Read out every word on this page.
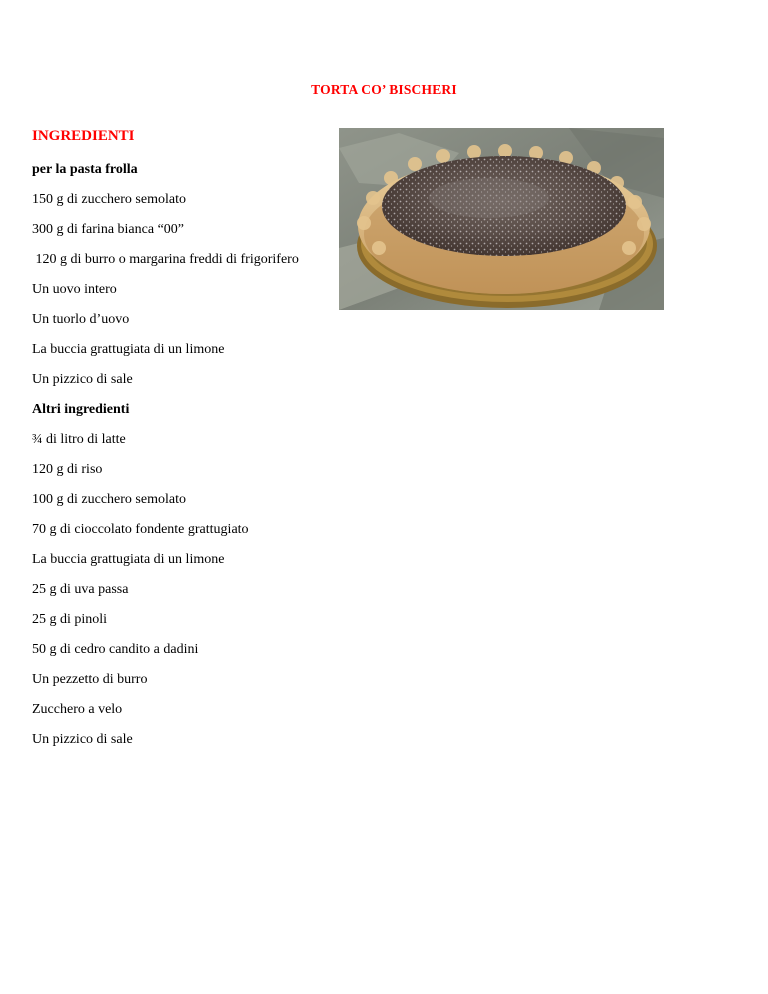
TORTA CO’ BISCHERI
INGREDIENTI
per la pasta frolla
150 g di zucchero semolato
300 g di farina bianca “00”
120 g di burro o margarina freddi di frigorifero
Un uovo intero
Un tuorlo d’uovo
La buccia grattugiata di un limone
Un pizzico di sale
Altri ingredienti
¾ di litro di latte
120 g di riso
100 g di zucchero semolato
70 g di cioccolato fondente grattugiato
La buccia grattugiata di un limone
25 g di uva passa
25 g di pinoli
50 g di cedro candito a dadini
Un pezzetto di burro
Zucchero a velo
Un pizzico di sale
